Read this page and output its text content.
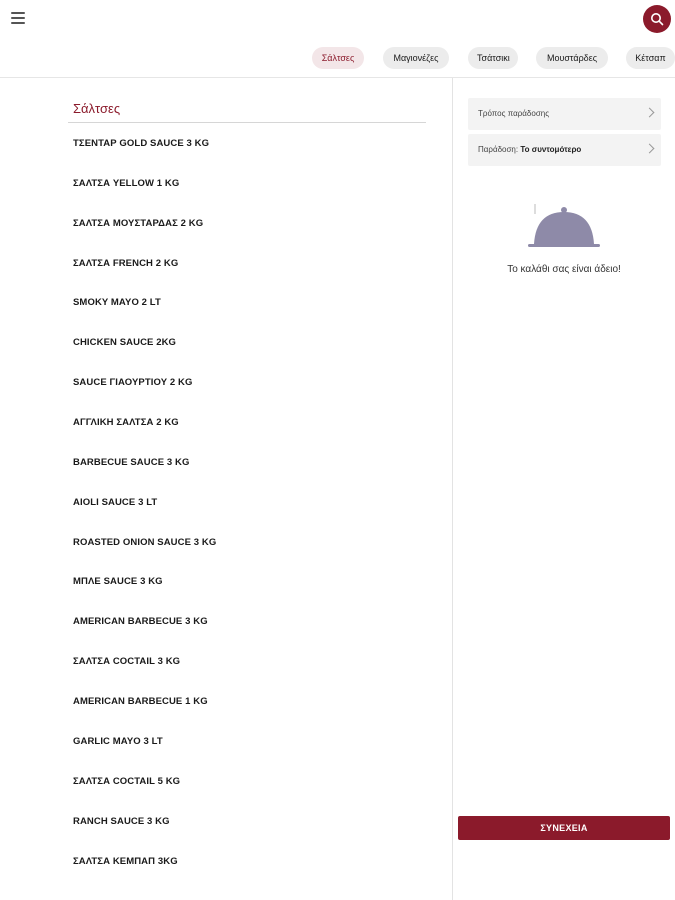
Σάλτσες	Μαγιονέζες	Τσάτσικι	Μουστάρδες	Κέτσαπ
Σάλτσες
ΤΣΕΝΤΑΡ GOLD SAUCE 3 KG
ΣΑΛΤΣΑ YELLOW 1 KG
ΣΑΛΤΣΑ ΜΟΥΣΤΑΡΔΑΣ 2 KG
ΣΑΛΤΣΑ FRENCH 2 KG
SMOKY MAYO 2 LT
CHICKEN SAUCE 2KG
SAUCE ΓΙΑΟΥΡΤΙΟΥ 2 KG
ΑΓΓΛΙΚΗ ΣΑΛΤΣΑ 2 KG
BARBECUE SAUCE 3 KG
AIOLI SAUCE 3 LT
ROASTED ONION SAUCE 3 KG
ΜΠΛΕ SAUCE 3 KG
AMERICAN BARBECUE 3 KG
ΣΑΛΤΣΑ COCTAIL 3 KG
AMERICAN BARBECUE 1 KG
GARLIC MAYO 3 LT
ΣΑΛΤΣΑ COCTAIL 5 KG
RANCH SAUCE 3 KG
ΣΑΛΤΣΑ ΚΕΜΠΑΠ 3KG
Τρόπος παράδοσης
Παράδοση: Το συντομότερο
Το καλάθι σας είναι άδειο!
ΣΥΝΕΧΕΙΑ
